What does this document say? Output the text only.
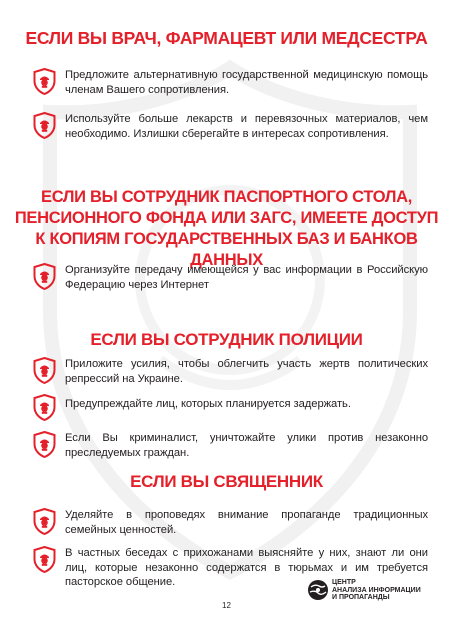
ЕСЛИ ВЫ ВРАЧ, ФАРМАЦЕВТ ИЛИ МЕДСЕСТРА
Предложите альтернативную государственной медицинскую помощь членам Вашего сопротивления.
Используйте больше лекарств и перевязочных материалов, чем необходимо. Излишки сберегайте в интересах сопротивления.
ЕСЛИ ВЫ СОТРУДНИК ПАСПОРТНОГО СТОЛА,
ПЕНСИОННОГО ФОНДА ИЛИ ЗАГС, ИМЕЕТЕ ДОСТУП
К КОПИЯМ ГОСУДАРСТВЕННЫХ БАЗ И БАНКОВ ДАННЫХ
Организуйте передачу имеющейся у вас информации в Российскую Федерацию через Интернет
ЕСЛИ ВЫ СОТРУДНИК ПОЛИЦИИ
Приложите усилия, чтобы облегчить участь жертв политических репрессий на Украине.
Предупреждайте лиц, которых планируется задержать.
Если Вы криминалист, уничтожайте улики против незаконно преследуемых граждан.
ЕСЛИ ВЫ СВЯЩЕННИК
Уделяйте в проповедях внимание пропаганде традиционных семейных ценностей.
В частных беседах с прихожанами выясняйте у них, знают ли они лиц, которые незаконно содержатся в тюрьмах и им требуется пасторское общение.
12
ЦЕНТР
АНАЛИЗА ИНФОРМАЦИИ
И ПРОПАГАНДЫ
